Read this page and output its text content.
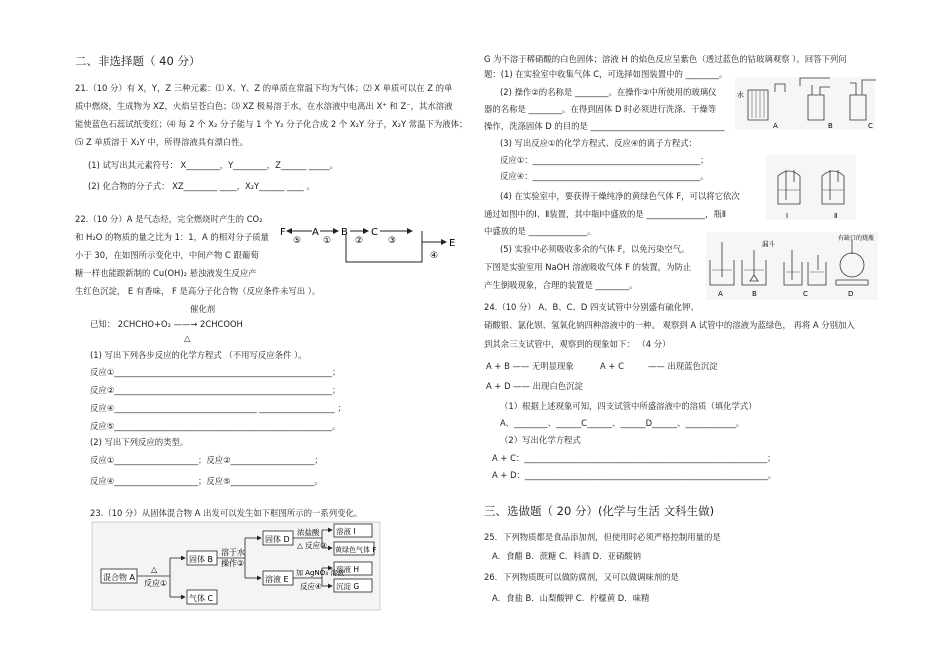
二、非选择题（ 40 分）
21.（10 分）有 X，Y，Z 三种元素：⑴ X、Y、Z 的单质在常温下均为气体；⑵ X 单质可以在 Z 的单
质中燃烧，生成物为 XZ，火焰呈苍白色；⑶ XZ 极易溶于水，在水溶液中电离出 X⁺ 和 Z⁻，其水溶液
能使蓝色石蕊试纸变红；⑷ 每 2 个 X₂ 分子能与 1 个 Y₂ 分子化合成 2 个 X₂Y 分子，X₂Y 常温下为液体；
⑸ Z 单质溶于 X₂Y 中，所得溶液具有漂白性。
(1) 试写出其元素符号： X________，Y________，Z______ _____。
(2) 化合物的分子式： XZ________ ____，X₂Y______ ____ 。
22.（10 分）A 是气态烃，完全燃烧时产生的 CO₂
和 H₂O 的物质的量之比为 1：1，A 的相对分子质量
小于 30，在如图所示变化中，中间产物 C 跟葡萄
糖一样也能跟新制的 Cu(OH)₂ 悬浊液发生反应产
生红色沉淀， E 有香味， F 是高分子化合物（反应条件未写出 ）。
催化剂
已知： 2CHCHO+O₂ ——→ 2CHCOOH
△
(1) 写出下列各步反应的化学方程式 （不用写反应条件 ）。
反应①____________________________________________________；
反应②____________________________________________________；
反应④__________________________________ __________________ ；
反应⑤____________________________________________________。
(2) 写出下列反应的类型。
反应①____________________；反应②____________________；
反应④____________________；反应⑤____________________。
23.（10 分）从固体混合物 A 出发可以发生如下框图所示的一系列变化。
F	A B C
E
⑤ ①	②	③
④
混合物 A
△
反应①
固体 B
气体 C
溶于水
操作②
固体 D
溶液 E
浓盐酸
△ 反应③
加 AgNO₃ 溶液
反应④
溶液 I
黄绿色气体 F
溶液 H
沉淀 G
G 为不溶于稀硝酸的白色固体；溶液 H 的焰色反应呈紫色（透过蓝色的钴玻璃观察 ）。回答下列问
题：(1) 在实验室中收集气体 C，可选择如图装置中的 ________。
(2) 操作②的名称是 ________。在操作②中所使用的玻璃仪
器的名称是 ________。在得到固体 D 时必须进行洗涤、干燥等
操作，洗涤固体 D 的目的是 ________________________________
(3) 写出反应①的化学方程式、反应④的离子方程式：
反应①：________________________________________；
反应④：________________________________________。
(4) 在实验室中，要获得干燥纯净的黄绿色气体 F，可以将它依次
通过如图中的Ⅰ、Ⅱ装置，其中瓶Ⅰ中盛放的是 ______________，瓶Ⅱ
中盛放的是 ______________。
(5) 实验中必须吸收多余的气体 F，以免污染空气。
下图是实验室用 NaOH 溶液吸收气体 F 的装置，为防止
产生倒吸现象，合理的装置是 ________。
24.（10 分） A、B、C、D 四支试管中分别盛有硫化钾、
硝酸银、氯化钡、氢氧化钠四种溶液中的一种。 观察到 A 试管中的溶液为蓝绿色， 再将 A 分别加入
到其余三支试管中，观察到的现象如下： （4 分）
A + B —— 无明显现象	A + C	—— 出现蓝色沉淀
A + D —— 出现白色沉淀
（1）根据上述现象可知，四支试管中所盛溶液中的溶质（填化学式）
A、________、______C______、______D______、____________。
（2）写出化学方程式
A + C：__________________________________________________________；
A + D：__________________________________________________________。
三、选做题（ 20 分）(化学与生活 文科生做)
25．下列物质都是食品添加剂，但使用时必须严格控制用量的是
A．食醋 B．蔗糖 C．料酒 D．亚硝酸钠
26．下列物质既可以做防腐剂，又可以做调味剂的是
A．食盐 B．山梨酸钾 C．柠檬黄 D．味精
水
A	B	C
Ⅰ	Ⅱ
漏斗
有缺口的烧瓶
A	B	C	D
